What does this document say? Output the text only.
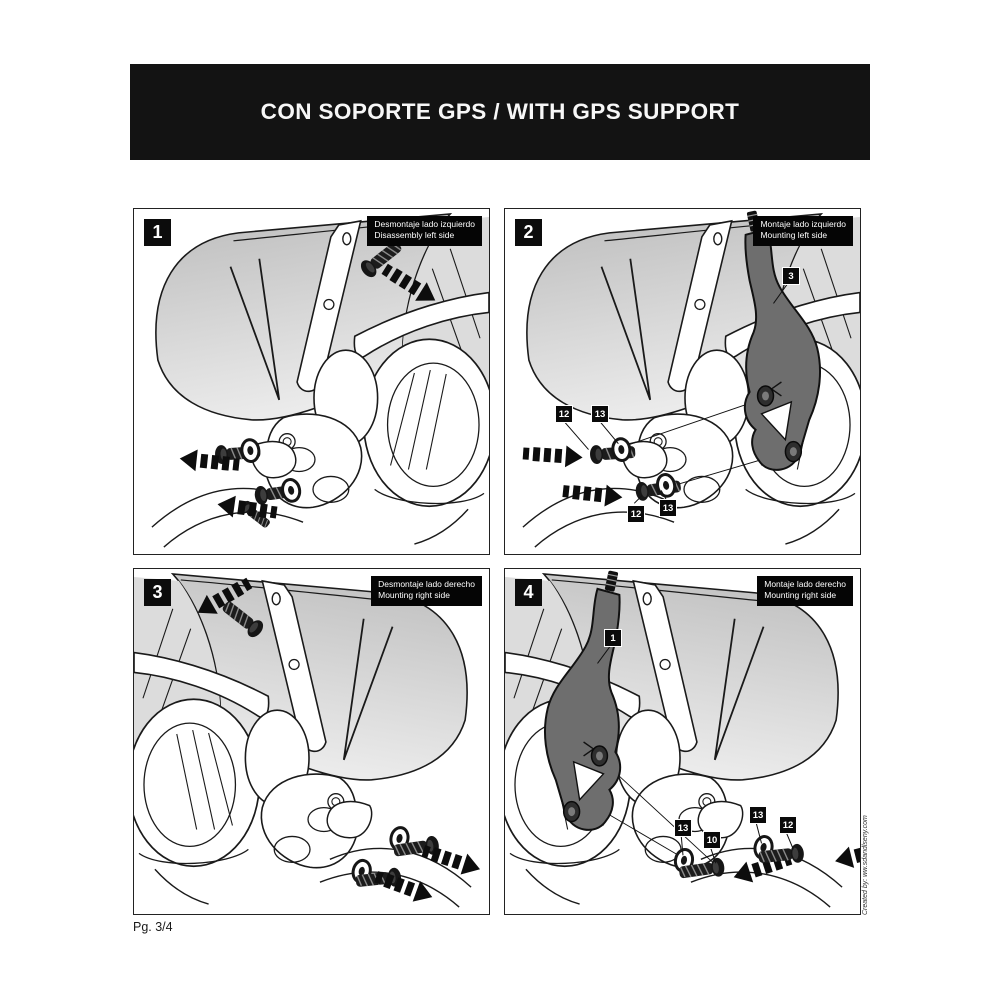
CON SOPORTE GPS / WITH GPS SUPPORT
1	Desmontaje lado izquierdo
Disassembly left side	2	Montaje lado izquierdo
Mounting left side
3
12	13
12
13
3	Desmontaje lado derecho
Mounting right side	4	Montaje lado derecho
Mounting right side
1
13
10
13
12
Pg. 3/4
Created by: ww.sdandlseny.com
